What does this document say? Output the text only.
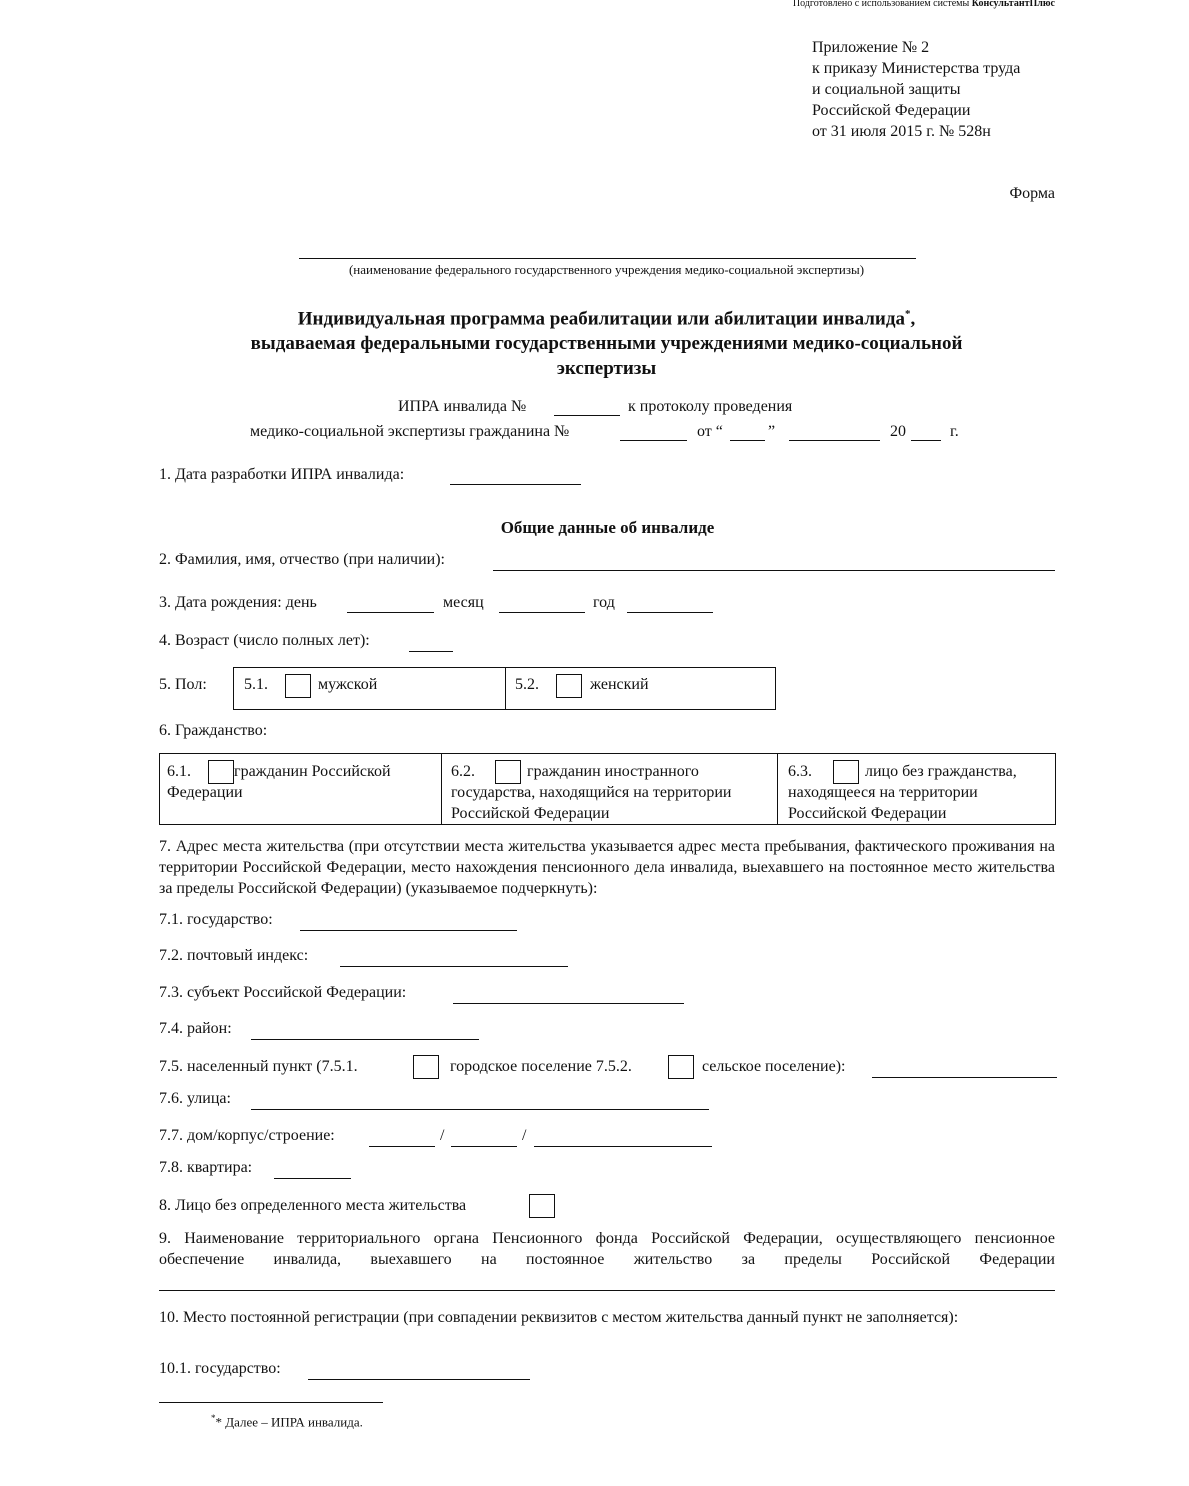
Подготовлено с использованием системы КонсультантПлюс
Приложение № 2
к приказу Министерства труда
и социальной защиты
Российской Федерации
от 31 июля 2015 г. № 528н
Форма
(наименование федерального государственного учреждения медико-социальной экспертизы)
Индивидуальная программа реабилитации или абилитации инвалида*,
выдаваемая федеральными государственными учреждениями медико-социальной
экспертизы
ИПРА инвалида №	к протоколу проведения
медико-социальной экспертизы гражданина №	от “	”	20	г.
1. Дата разработки ИПРА инвалида:
Общие данные об инвалиде
2. Фамилия, имя, отчество (при наличии):
3. Дата рождения: день	месяц	год
4. Возраст (число полных лет):
5. Пол: 5.1.	мужской	5.2.	женский
6. Гражданство:
6.1.	гражданин Российской Федерации
6.2.	гражданин иностранного государства, находящийся на территории Российской Федерации
6.3.	лицо без гражданства, находящееся на территории Российской Федерации
7. Адрес места жительства (при отсутствии места жительства указывается адрес места пребывания, фактического проживания на территории Российской Федерации, место нахождения пенсионного дела инвалида, выехавшего на постоянное место жительства за пределы Российской Федерации) (указываемое подчеркнуть):
7.1. государство:
7.2. почтовый индекс:
7.3. субъект Российской Федерации:
7.4. район:
7.5. населенный пункт (7.5.1.	городское поселение 7.5.2.	сельское поселение):
7.6. улица:
7.7. дом/корпус/строение:	/	/
7.8. квартира:
8. Лицо без определенного места жительства
9. Наименование территориального органа Пенсионного фонда Российской Федерации, осуществляющего пенсионное обеспечение инвалида, выехавшего на постоянное жительство за пределы Российской Федерации
10. Место постоянной регистрации (при совпадении реквизитов с местом жительства данный пункт не заполняется):
10.1. государство:
** Далее – ИПРА инвалида.
